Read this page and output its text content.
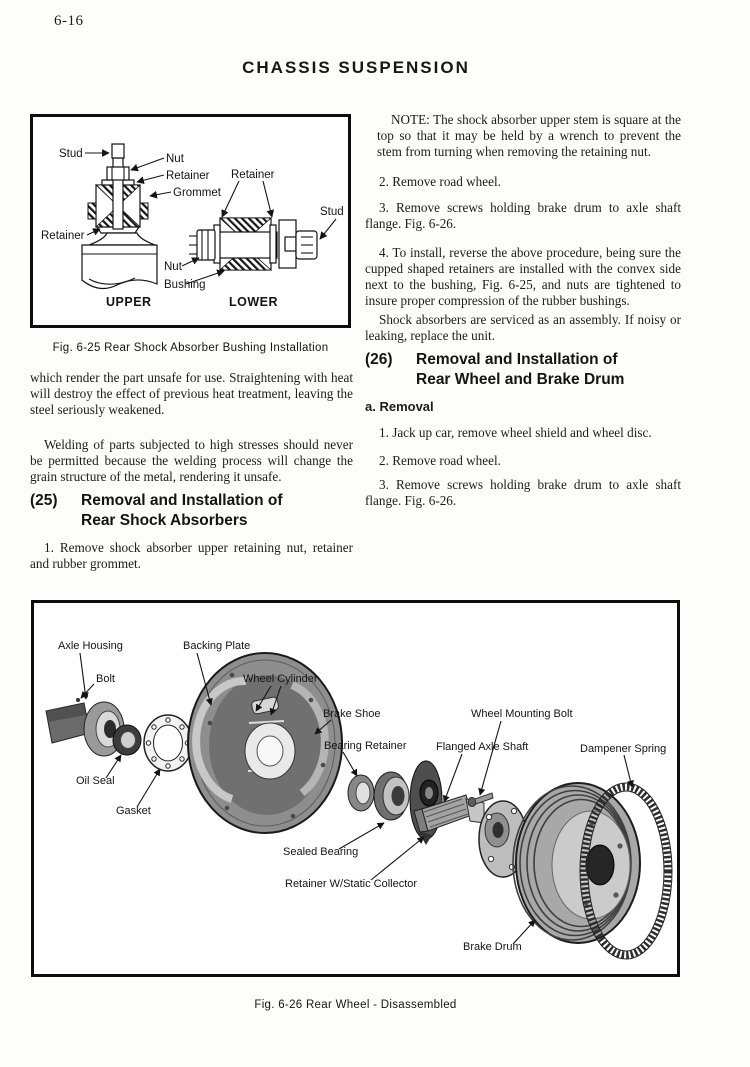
6-16
CHASSIS SUSPENSION
Stud	Nut
Retainer
Grommet
Retainer
UPPER
Retainer
Stud
Nut
Bushing
LOWER
Fig. 6-25 Rear Shock Absorber Bushing Installation

which render the part unsafe for use. Straightening with heat will destroy the effect of previous heat treatment, leaving the steel seriously weakened.

Welding of parts subjected to high stresses should never be permitted because the welding process will change the grain structure of the metal, rendering it unsafe.

(25)	Removal and Installation of
Rear Shock Absorbers

1. Remove shock absorber upper retaining nut, retainer and rubber grommet.

NOTE: The shock absorber upper stem is square at the top so that it may be held by a wrench to prevent the stem from turning when removing the retaining nut.

2. Remove road wheel.

3. Remove screws holding brake drum to axle shaft flange. Fig. 6-26.

4. To install, reverse the above procedure, being sure the cupped shaped retainers are installed with the convex side next to the bushing, Fig. 6-25, and nuts are tightened to insure proper compression of the rubber bushings.

Shock absorbers are serviced as an assembly. If noisy or leaking, replace the unit.

(26)	Removal and Installation of
Rear Wheel and Brake Drum

a. Removal

1. Jack up car, remove wheel shield and wheel disc.

2. Remove road wheel.

3. Remove screws holding brake drum to axle shaft flange. Fig. 6-26.

Axle Housing
Bolt
Oil Seal
Gasket
Backing Plate
Wheel Cylinder
Brake Shoe
Bearing Retainer
Sealed Bearing
Retainer W/Static Collector
Flanged Axle Shaft
Wheel Mounting Bolt
Dampener Spring
Brake Drum
Fig. 6-26 Rear Wheel - Disassembled
